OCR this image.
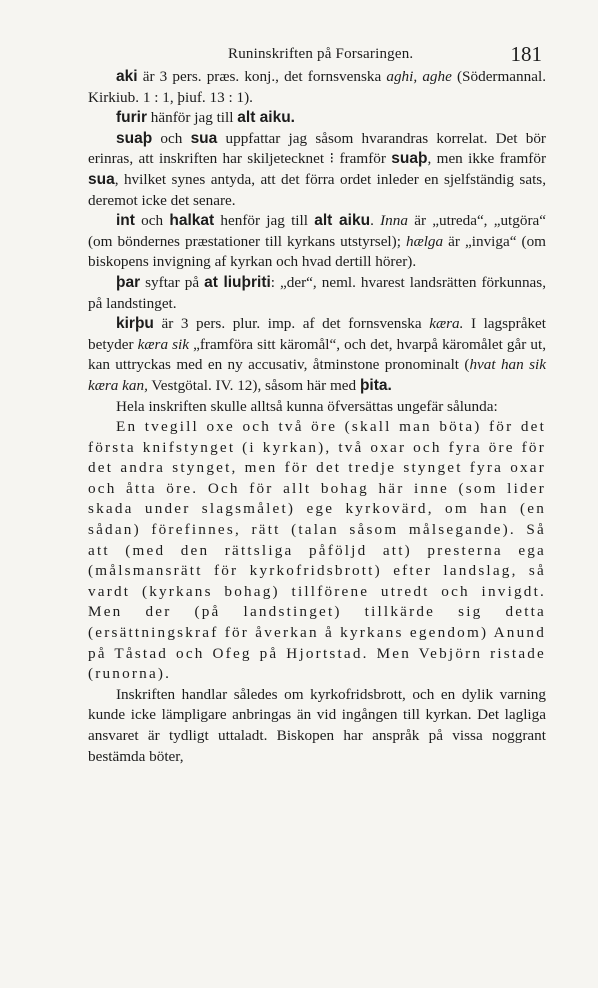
Runinskriften på Forsaringen.	181

aki är 3 pers. præs. konj., det fornsvenska aghi, aghe (Södermannal. Kirkiub. 1 : 1, þiuf. 13 : 1).

furir hänför jag till alt aiku.

suaþ och sua uppfattar jag såsom hvarandras korrelat. Det bör erinras, att inskriften har skiljetecknet ⁝ framför suaþ, men ikke framför sua, hvilket synes antyda, att det förra ordet inleder en sjelfständig sats, deremot icke det senare.

int och halkat henför jag till alt aiku. Inna är „utreda“, „utgöra“ (om böndernes præstationer till kyrkans utstyrsel); hælga är „inviga“ (om biskopens invigning af kyrkan och hvad dertill hörer).

þar syftar på at liuþriti: „der“, neml. hvarest landsrätten förkunnas, på landstinget.

kirþu är 3 pers. plur. imp. af det fornsvenska kæra. I lagspråket betyder kæra sik „framföra sitt käromål“, och det, hvarpå käromålet går ut, kan uttryckas med en ny accusativ, åtminstone pronominalt (hvat han sik kæra kan, Vestgötal. IV. 12), såsom här med þita.

Hela inskriften skulle alltså kunna öfversättas ungefär sålunda:

En tvegill oxe och två öre (skall man böta) för det första knifstynget (i kyrkan), två oxar och fyra öre för det andra stynget, men för det tredje stynget fyra oxar och åtta öre. Och för allt bohag här inne (som lider skada under slagsmålet) ege kyrkovärd, om han (en sådan) förefinnes, rätt (talan såsom målsegande). Så att (med den rättsliga påföljd att) presterna ega (målsmansrätt för kyrkofridsbrott) efter landslag, så vardt (kyrkans bohag) tillförene utredt och invigdt. Men der (på landstinget) tillkärde sig detta (ersättningskraf för åverkan å kyrkans egendom) Anund på Tåstad och Ofeg på Hjortstad. Men Vebjörn ristade (runorna).

Inskriften handlar således om kyrkofridsbrott, och en dylik varning kunde icke lämpligare anbringas än vid ingången till kyrkan. Det lagliga ansvaret är tydligt uttaladt. Biskopen har anspråk på vissa noggrant bestämda böter,
